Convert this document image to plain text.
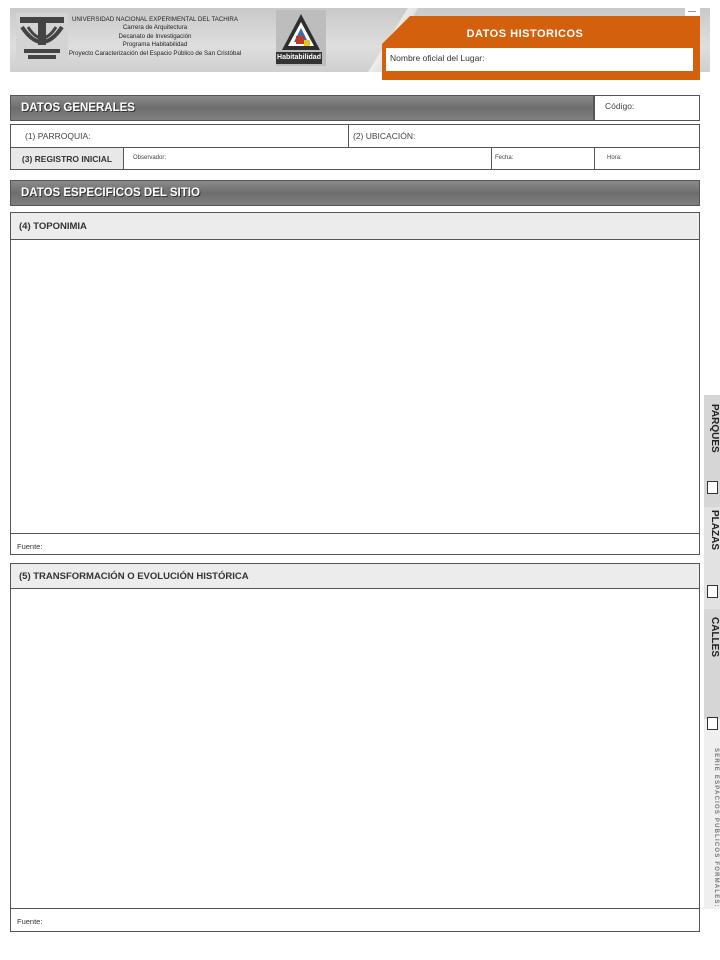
UNIVERSIDAD NACIONAL EXPERIMENTAL DEL TACHIRA
Carrera de Arquitectura
Decanato de Investigación
Programa Habitabilidad
Proyecto Caracterización del Espacio Público de San Cristóbal
Habitabilidad
DATOS HISTORICOS
Nombre oficial del Lugar:
DATOS GENERALES	Código:
(1) PARROQUIA:	(2) UBICACIÓN:
(3) REGISTRO INICIAL	Observador:	Fecha:	Hora:
DATOS ESPECIFICOS DEL SITIO
(4) TOPONIMIA
Fuente:
(5) TRANSFORMACIÓN O EVOLUCIÓN HISTÓRICA
Fuente:
PARQUES
PLAZAS
CALLES
SERIE ESPACIOS PÚBLICOS FORMALES:
